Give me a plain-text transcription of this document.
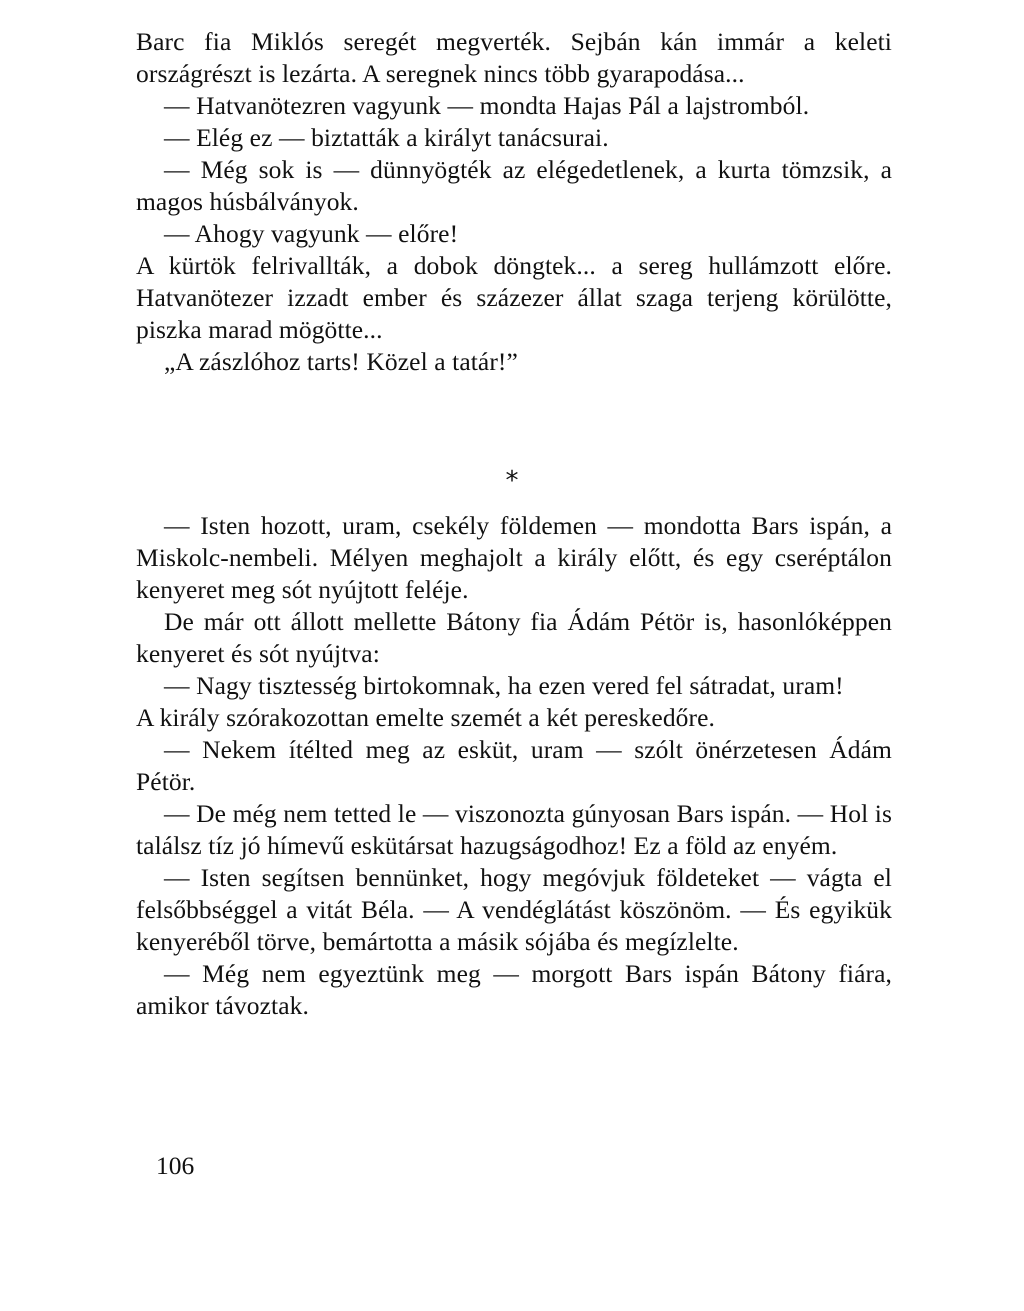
Barc fia Miklós seregét megverték. Sejbán kán immár a keleti országrészt is lezárta. A seregnek nincs több gyarapodása...

— Hatvanötezren vagyunk — mondta Hajas Pál a lajstromból.

— Elég ez — biztatták a királyt tanácsurai.

— Még sok is — dünnyögték az elégedetlenek, a kurta tömzsik, a magos húsbálványok.

— Ahogy vagyunk — előre!

A kürtök felrivallták, a dobok döngtek... a sereg hullámzott előre. Hatvanötezer izzadt ember és százezer állat szaga terjeng körülötte, piszka marad mögötte...

„A zászlóhoz tarts! Közel a tatár!”

*

— Isten hozott, uram, csekély földemen — mondotta Bars ispán, a Miskolc-nembeli. Mélyen meghajolt a király előtt, és egy cseréptálon kenyeret meg sót nyújtott feléje.

De már ott állott mellette Bátony fia Ádám Pétör is, hasonlóképpen kenyeret és sót nyújtva:

— Nagy tisztesség birtokomnak, ha ezen vered fel sátradat, uram!

A király szórakozottan emelte szemét a két pereskedőre.

— Nekem ítélted meg az esküt, uram — szólt önérzetesen Ádám Pétör.

— De még nem tetted le — viszonozta gúnyosan Bars ispán. — Hol is találsz tíz jó hímevű eskütársat hazugságodhoz! Ez a föld az enyém.

— Isten segítsen bennünket, hogy megóvjuk földeteket — vágta el felsőbbséggel a vitát Béla. — A vendéglátást köszönöm. — És egyikük kenyeréből törve, bemártotta a másik sójába és megízlelte.

— Még nem egyeztünk meg — morgott Bars ispán Bátony fiára, amikor távoztak.

106
